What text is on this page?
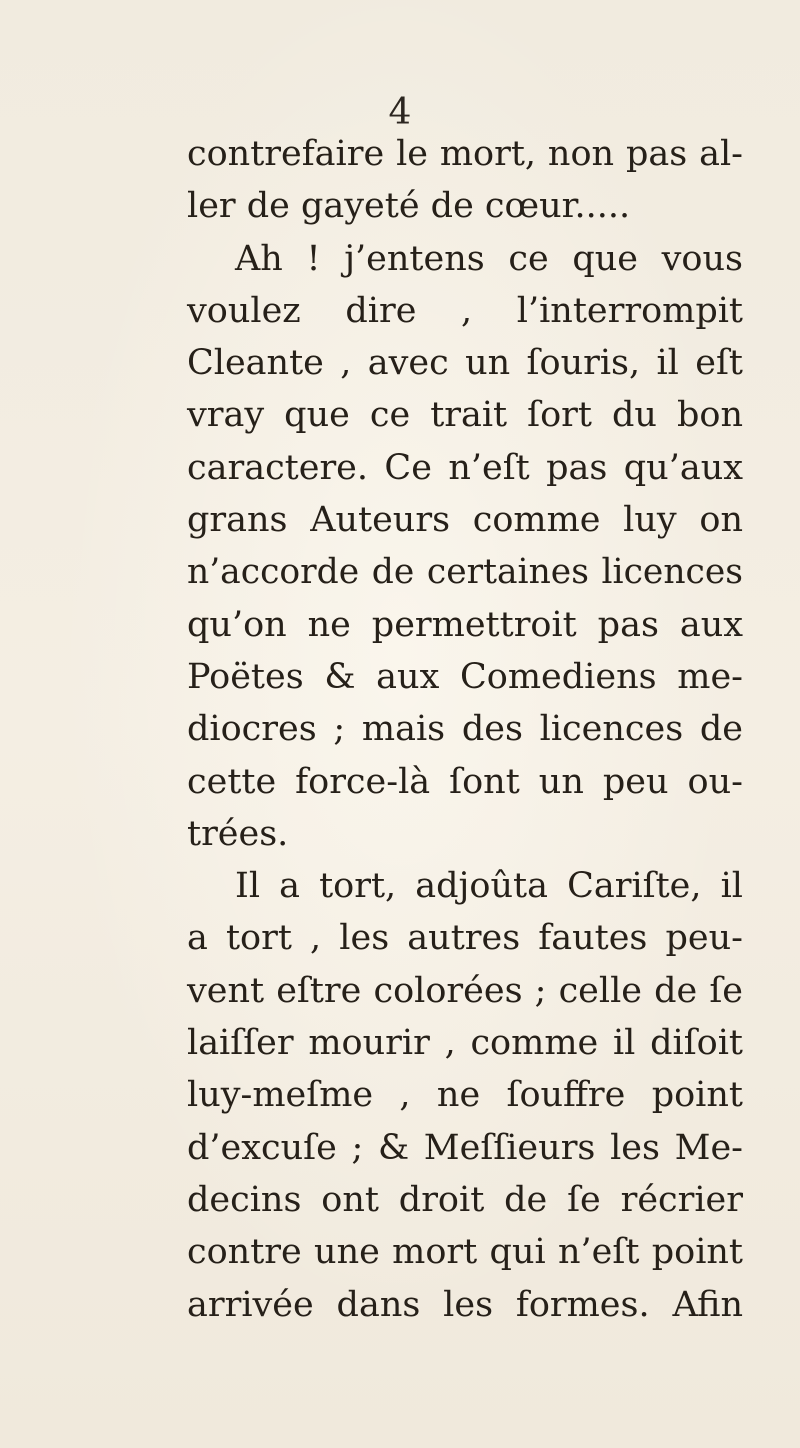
4
contrefaire le mort, non pas al-
ler de gayeté de cœur.....
Ah ! j’entens ce que vous
voulez dire , l’interrompit
Cleante , avec un ſouris, il eſt
vray que ce trait ſort du bon
caractere. Ce n’eſt pas qu’aux
grans Auteurs comme luy on
n’accorde de certaines licences
qu’on ne permettroit pas aux
Poëtes & aux Comediens me-
diocres ; mais des licences de
cette force-là ſont un peu ou-
trées.
Il a tort, adjoûta Cariſte, il
a tort , les autres fautes peu-
vent eſtre colorées ; celle de ſe
laiſſer mourir , comme il diſoit
luy-meſme , ne ſouffre point
d’excuſe ; & Meſſieurs les Me-
decins ont droit de ſe récrier
contre une mort qui n’eſt point
arrivée dans les formes. Afin
